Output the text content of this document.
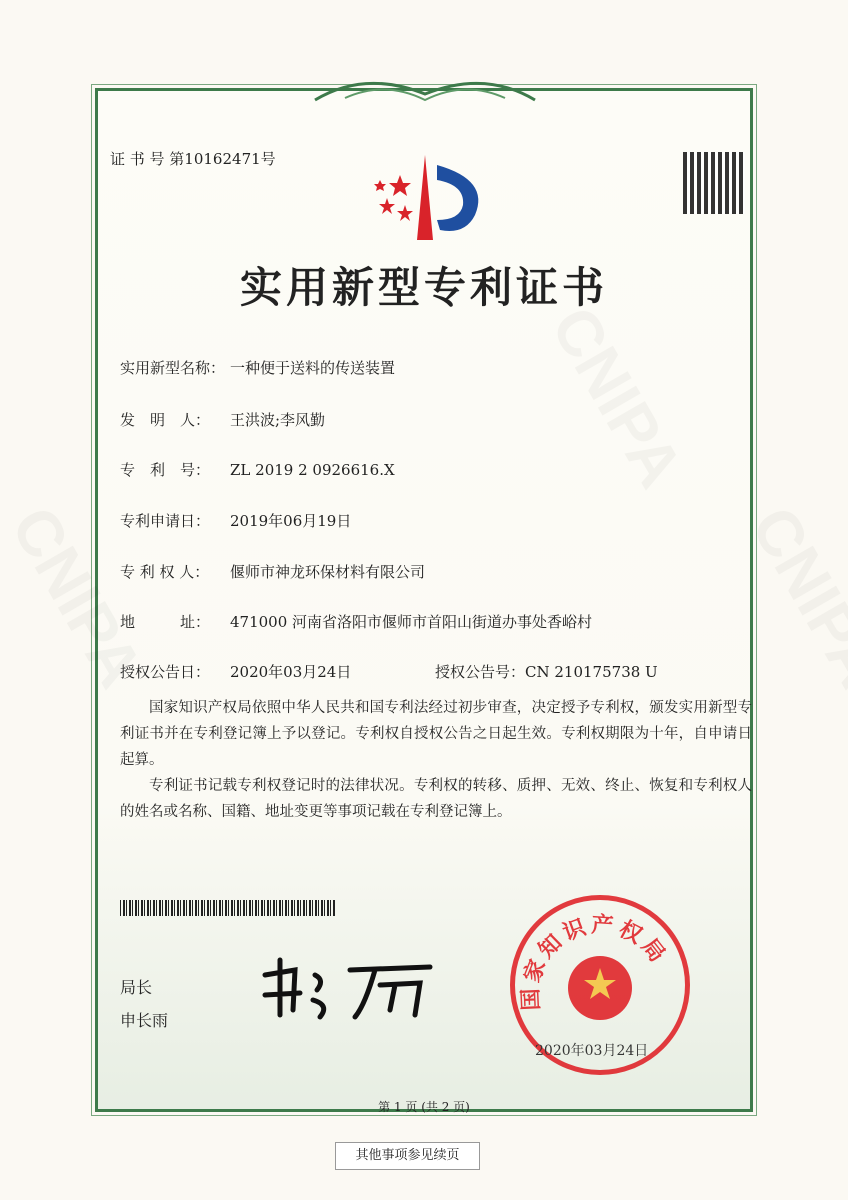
证 书 号 第10162471号
实用新型专利证书
实用新型名称： 一种便于送料的传送装置
发　明　人： 王洪波;李风勤
专　利　号： ZL 2019 2 0926616.X
专利申请日： 2019年06月19日
专 利 权 人： 偃师市神龙环保材料有限公司
地　　　址： 471000 河南省洛阳市偃师市首阳山街道办事处香峪村
授权公告日： 2020年03月24日	授权公告号：CN 210175738 U
国家知识产权局依照中华人民共和国专利法经过初步审查，决定授予专利权，颁发实用新型专利证书并在专利登记簿上予以登记。专利权自授权公告之日起生效。专利权期限为十年，自申请日起算。
专利证书记载专利权登记时的法律状况。专利权的转移、质押、无效、终止、恢复和专利权人的姓名或名称、国籍、地址变更等事项记载在专利登记簿上。
局长
申长雨
国家知识产权局
2020年03月24日
第 1 页 (共 2 页)
其他事项参见续页
